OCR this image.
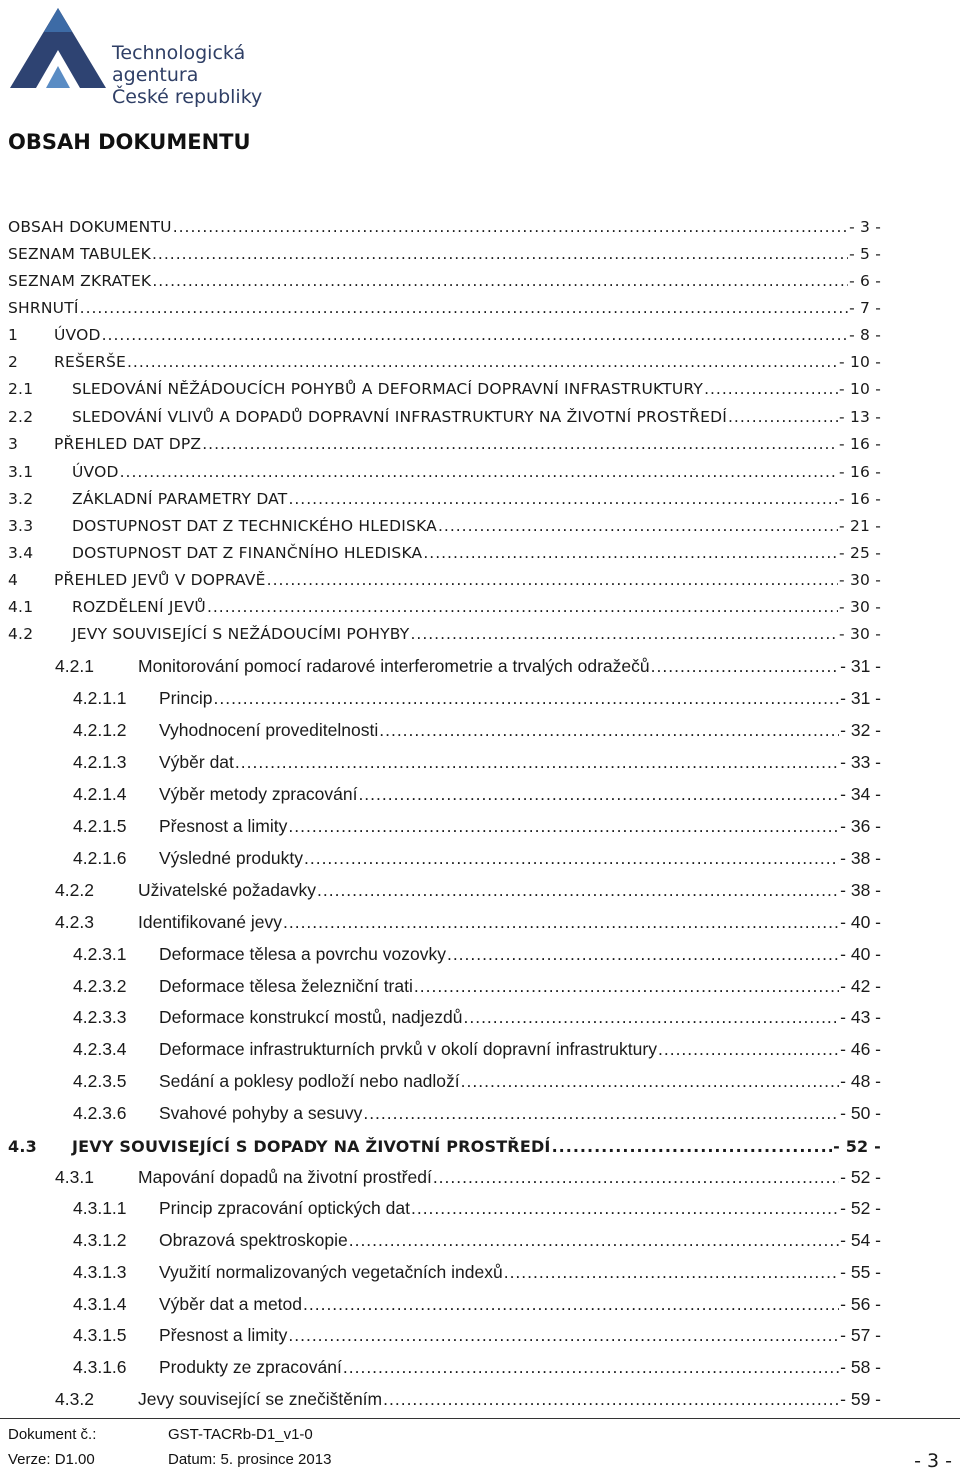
Technologická agentura
České republiky
OBSAH DOKUMENTU
OBSAH DOKUMENTU .....	- 3 -
SEZNAM TABULEK .....	- 5 -
SEZNAM ZKRATEK .....	- 6 -
SHRNUTÍ .....	- 7 -
1	ÚVOD .....	- 8 -
2	REŠERŠE .....	- 10 -
2.1	SLEDOVÁNÍ NĚŽÁDOUCÍCH POHYBŮ A DEFORMACÍ DOPRAVNÍ INFRASTRUKTURY .....	- 10 -
2.2	SLEDOVÁNÍ VLIVŮ A DOPADŮ DOPRAVNÍ INFRASTRUKTURY NA ŽIVOTNÍ PROSTŘEDÍ .....	- 13 -
3	PŘEHLED DAT DPZ .....	- 16 -
3.1	ÚVOD .....	- 16 -
3.2	ZÁKLADNÍ PARAMETRY DAT .....	- 16 -
3.3	DOSTUPNOST DAT Z TECHNICKÉHO HLEDISKA .....	- 21 -
3.4	DOSTUPNOST DAT Z FINANČNÍHO HLEDISKA .....	- 25 -
4	PŘEHLED JEVŮ V DOPRAVĚ .....	- 30 -
4.1	ROZDĚLENÍ JEVŮ .....	- 30 -
4.2	JEVY SOUVISEJÍCÍ S NEŽÁDOUCÍMI POHYBY .....	- 30 -
4.2.1	Monitorování pomocí radarové interferometrie a trvalých odražečů .....	- 31 -
4.2.1.1	Princip .....	- 31 -
4.2.1.2	Vyhodnocení proveditelnosti .....	- 32 -
4.2.1.3	Výběr dat .....	- 33 -
4.2.1.4	Výběr metody zpracování .....	- 34 -
4.2.1.5	Přesnost a limity .....	- 36 -
4.2.1.6	Výsledné produkty .....	- 38 -
4.2.2	Uživatelské požadavky .....	- 38 -
4.2.3	Identifikované jevy .....	- 40 -
4.2.3.1	Deformace tělesa a povrchu vozovky .....	- 40 -
4.2.3.2	Deformace tělesa železniční trati .....	- 42 -
4.2.3.3	Deformace konstrukcí mostů, nadjezdů .....	- 43 -
4.2.3.4	Deformace infrastrukturních prvků v okolí dopravní infrastruktury .....	- 46 -
4.2.3.5	Sedání a poklesy podloží nebo nadloží .....	- 48 -
4.2.3.6	Svahové pohyby a sesuvy .....	- 50 -
4.3	JEVY SOUVISEJÍCÍ S DOPADY NA ŽIVOTNÍ PROSTŘEDÍ .....	- 52 -
4.3.1	Mapování dopadů na životní prostředí .....	- 52 -
4.3.1.1	Princip zpracování optických dat .....	- 52 -
4.3.1.2	Obrazová spektroskopie .....	- 54 -
4.3.1.3	Využití normalizovaných vegetačních indexů .....	- 55 -
4.3.1.4	Výběr dat a metod .....	- 56 -
4.3.1.5	Přesnost a limity .....	- 57 -
4.3.1.6	Produkty ze zpracování .....	- 58 -
4.3.2	Jevy související se znečištěním .....	- 59 -
Dokument č.:	GST-TACRb-D1_v1-0
Verze: D1.00	Datum: 5. prosince 2013	- 3 -
